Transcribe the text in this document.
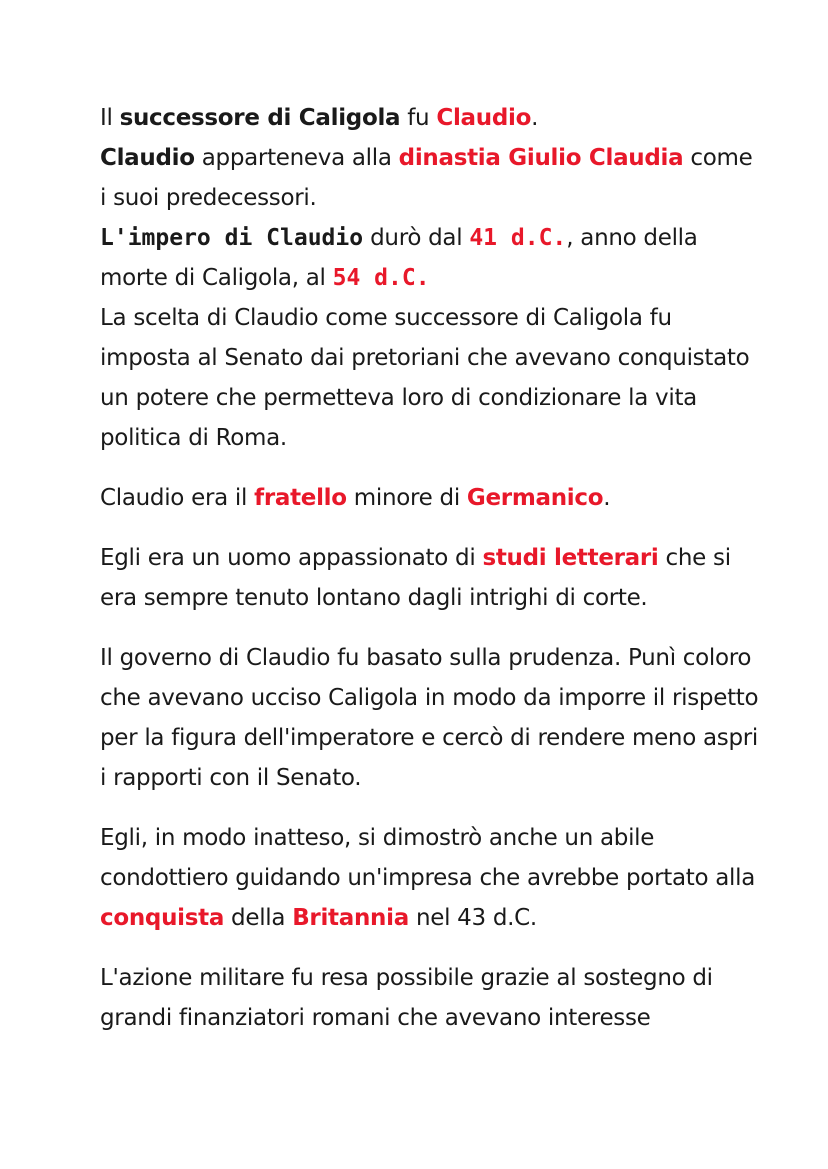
Il successore di Caligola fu Claudio.
Claudio apparteneva alla dinastia Giulio Claudia come i suoi predecessori.
L'impero di Claudio durò dal 41 d.C., anno della morte di Caligola, al 54 d.C.
La scelta di Claudio come successore di Caligola fu imposta al Senato dai pretoriani che avevano conquistato un potere che permetteva loro di condizionare la vita politica di Roma.

Claudio era il fratello minore di Germanico.

Egli era un uomo appassionato di studi letterari che si era sempre tenuto lontano dagli intrighi di corte.

Il governo di Claudio fu basato sulla prudenza. Punì coloro che avevano ucciso Caligola in modo da imporre il rispetto per la figura dell'imperatore e cercò di rendere meno aspri i rapporti con il Senato.

Egli, in modo inatteso, si dimostrò anche un abile condottiero guidando un'impresa che avrebbe portato alla conquista della Britannia nel 43 d.C.

L'azione militare fu resa possibile grazie al sostegno di grandi finanziatori romani che avevano interesse
